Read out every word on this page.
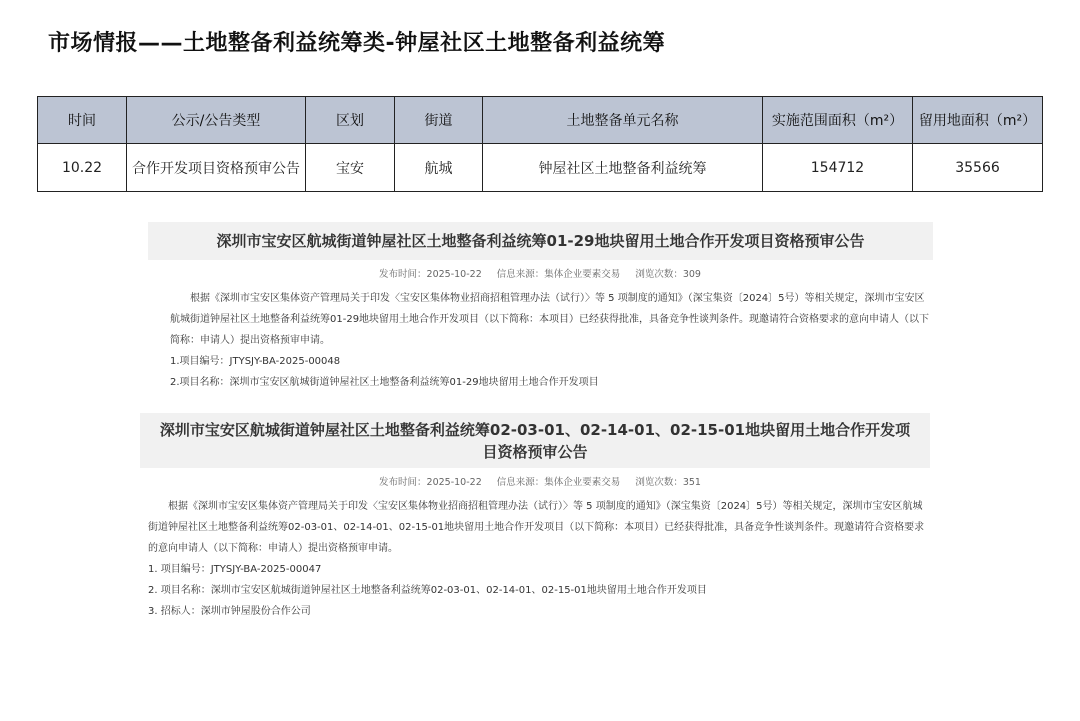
市场情报——土地整备利益统筹类-钟屋社区土地整备利益统筹
时间	公示/公告类型	区划	街道	土地整备单元名称	实施范围面积（m²）	留用地面积（m²）
10.22	合作开发项目资格预审公告	宝安	航城	钟屋社区土地整备利益统筹	154712	35566
深圳市宝安区航城街道钟屋社区土地整备利益统筹01-29地块留用土地合作开发项目资格预审公告
发布时间：2025-10-22 信息来源：集体企业要素交易 浏览次数：309
根据《深圳市宝安区集体资产管理局关于印发〈宝安区集体物业招商招租管理办法（试行）〉等 5 项制度的通知》（深宝集资〔2024〕5号）等相关规定，深圳市宝安区航城街道钟屋社区土地整备利益统筹01-29地块留用土地合作开发项目（以下简称：本项目）已经获得批准，具备竞争性谈判条件。现邀请符合资格要求的意向申请人（以下简称：申请人）提出资格预审申请。
1.项目编号：JTYSJY-BA-2025-00048
2.项目名称：深圳市宝安区航城街道钟屋社区土地整备利益统筹01-29地块留用土地合作开发项目
深圳市宝安区航城街道钟屋社区土地整备利益统筹02-03-01、02-14-01、02-15-01地块留用土地合作开发项
目资格预审公告
发布时间：2025-10-22 信息来源：集体企业要素交易 浏览次数：351
根据《深圳市宝安区集体资产管理局关于印发〈宝安区集体物业招商招租管理办法（试行）〉等 5 项制度的通知》（深宝集资〔2024〕5号）等相关规定，深圳市宝安区航城街道钟屋社区土地整备利益统筹02-03-01、02-14-01、02-15-01地块留用土地合作开发项目（以下简称：本项目）已经获得批准，具备竞争性谈判条件。现邀请符合资格要求的意向申请人（以下简称：申请人）提出资格预审申请。
1. 项目编号：JTYSJY-BA-2025-00047
2. 项目名称：深圳市宝安区航城街道钟屋社区土地整备利益统筹02-03-01、02-14-01、02-15-01地块留用土地合作开发项目
3. 招标人：深圳市钟屋股份合作公司
